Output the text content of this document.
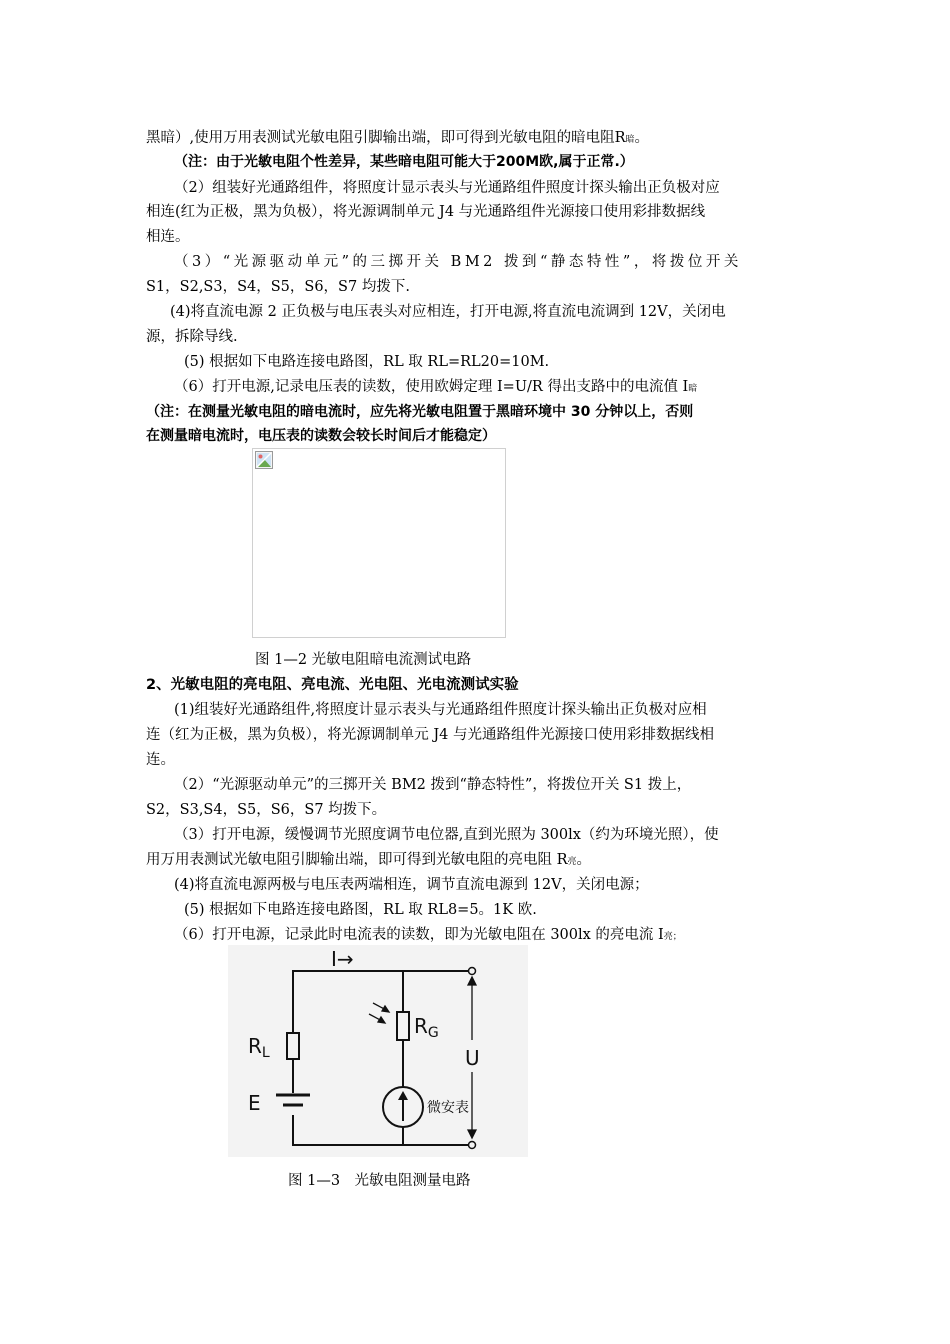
黑暗）,使用万用表测试光敏电阻引脚输出端，即可得到光敏电阻的暗电阻R暗。
（注：由于光敏电阻个性差异，某些暗电阻可能大于200M欧,属于正常.）
（2）组装好光通路组件，将照度计显示表头与光通路组件照度计探头输出正负极对应
相连(红为正极，黑为负极），将光源调制单元 J4 与光通路组件光源接口使用彩排数据线
相连。
（3）“光源驱动单元”的三掷开关 BM2 拨到“静态特性”，将拨位开关
S1，S2,S3，S4，S5，S6，S7 均拨下.
(4)将直流电源 2 正负极与电压表头对应相连，打开电源,将直流电流调到 12V，关闭电
源，拆除导线.
(5) 根据如下电路连接电路图，RL 取 RL=RL20=10M.
（6）打开电源,记录电压表的读数，使用欧姆定理 I=U/R 得出支路中的电流值 I暗
（注：在测量光敏电阻的暗电流时，应先将光敏电阻置于黑暗环境中 30 分钟以上，否则
在测量暗电流时，电压表的读数会较长时间后才能稳定）
图 1—2 光敏电阻暗电流测试电路
2、光敏电阻的亮电阻、亮电流、光电阻、光电流测试实验
(1)组装好光通路组件,将照度计显示表头与光通路组件照度计探头输出正负极对应相
连（红为正极，黑为负极），将光源调制单元 J4 与光通路组件光源接口使用彩排数据线相
连。
（2）“光源驱动单元”的三掷开关 BM2 拨到“静态特性”，将拨位开关 S1 拨上，
S2，S3,S4，S5，S6，S7 均拨下。
（3）打开电源，缓慢调节光照度调节电位器,直到光照为 300lx（约为环境光照），使
用万用表测试光敏电阻引脚输出端，即可得到光敏电阻的亮电阻 R亮。
(4)将直流电源两极与电压表两端相连，调节直流电源到 12V，关闭电源；
(5) 根据如下电路连接电路图，RL 取 RL8=5。1K 欧.
（6）打开电源，记录此时电流表的读数，即为光敏电阻在 300lx 的亮电流 I亮；
I→
$R_L$
$R_G$
E
U
微安表
图 1—3　光敏电阻测量电路
